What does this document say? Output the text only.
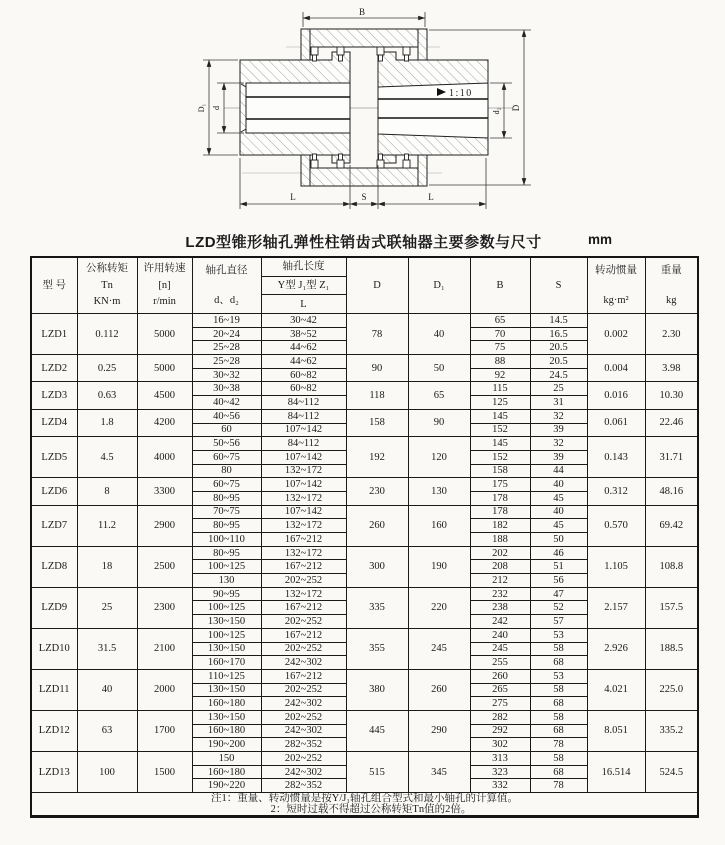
1:10
B
D
D₁ d	d₂
L	S	L
LZD型锥形轴孔弹性柱销齿式联轴器主要参数与尺寸	mm
型 号

公称转矩
Tn
KN·m

许用转速
[n]
r/min

轴孔直径
d、d₂

轴孔长度
Y型 J₁型 Z₁
L

D	D₁	B	S

转动惯量
kg·m²

重量
kg

LZD1	0.112	5000	16~19	30~42	78	40	65	14.5	0.002	2.30
			20~24	38~52			70	16.5		
			25~28	44~62			75	20.5		
LZD2	0.25	5000	25~28	44~62	90	50	88	20.5	0.004	3.98
			30~32	60~82			92	24.5		
LZD3	0.63	4500	30~38	60~82	118	65	115	25	0.016	10.30
			40~42	84~112			125	31		
LZD4	1.8	4200	40~56	84~112	158	90	145	32	0.061	22.46
			60	107~142			152	39		
LZD5	4.5	4000	50~56	84~112	192	120	145	32	0.143	31.71
			60~75	107~142			152	39		
			80	132~172			158	44		
LZD6	8	3300	60~75	107~142	230	130	175	40	0.312	48.16
			80~95	132~172			178	45		
LZD7	11.2	2900	70~75	107~142	260	160	178	40	0.570	69.42
			80~95	132~172			182	45		
			100~110	167~212			188	50		
LZD8	18	2500	80~95	132~172	300	190	202	46	1.105	108.8
			100~125	167~212			208	51		
			130	202~252			212	56		
LZD9	25	2300	90~95	132~172	335	220	232	47	2.157	157.5
			100~125	167~212			238	52		
			130~150	202~252			242	57		
LZD10	31.5	2100	100~125	167~212	355	245	240	53	2.926	188.5
			130~150	202~252			245	58		
			160~170	242~302			255	68		
LZD11	40	2000	110~125	167~212	380	260	260	53	4.021	225.0
			130~150	202~252			265	58		
			160~180	242~302			275	68		
LZD12	63	1700	130~150	202~252	445	290	282	58	8.051	335.2
			160~180	242~302			292	68		
			190~200	282~352			302	78		
LZD13	100	1500	150	202~252	515	345	313	58	16.514	524.5
			160~180	242~302			323	68		
			190~220	282~352			332	78		

注1：重量、转动惯量是按Y/J₁轴孔组合型式和最小轴孔的计算值。
2：短时过载不得超过公称转矩Tn值的2倍。										
